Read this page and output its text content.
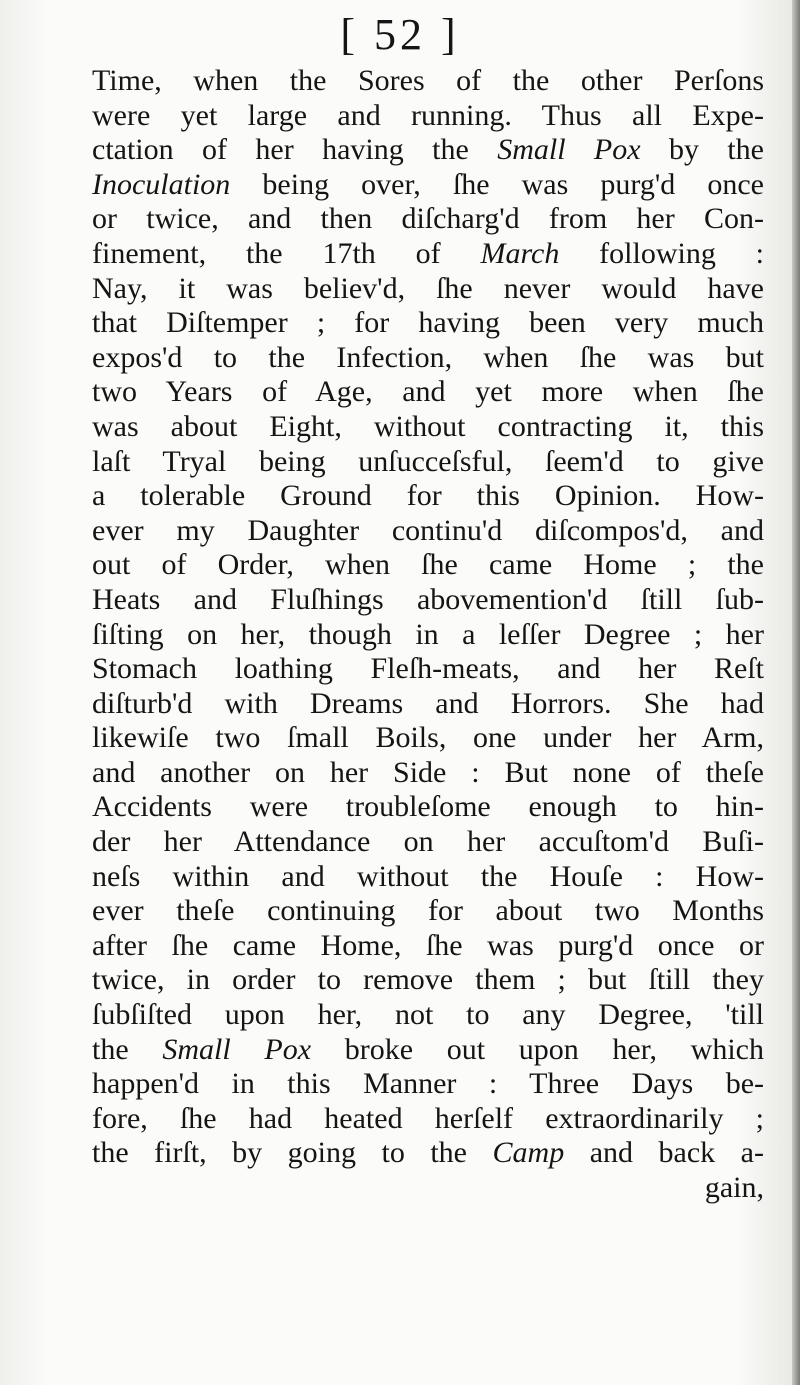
[ 52 ]
Time, when the Sores of the other Perſons
were yet large and running. Thus all Expe-
ctation of her having the Small Pox by the
Inoculation being over, ſhe was purg'd once
or twice, and then diſcharg'd from her Con-
finement, the 17th of March following :
Nay, it was believ'd, ſhe never would have
that Diſtemper ; for having been very much
expos'd to the Infection, when ſhe was but
two Years of Age, and yet more when ſhe
was about Eight, without contracting it, this
laſt Tryal being unſucceſsful, ſeem'd to give
a tolerable Ground for this Opinion. How-
ever my Daughter continu'd diſcompos'd, and
out of Order, when ſhe came Home ; the
Heats and Fluſhings abovemention'd ſtill ſub-
ſiſting on her, though in a leſſer Degree ; her
Stomach loathing Fleſh-meats, and her Reſt
diſturb'd with Dreams and Horrors. She had
likewiſe two ſmall Boils, one under her Arm,
and another on her Side : But none of theſe
Accidents were troubleſome enough to hin-
der her Attendance on her accuſtom'd Buſi-
neſs within and without the Houſe : How-
ever theſe continuing for about two Months
after ſhe came Home, ſhe was purg'd once or
twice, in order to remove them ; but ſtill they
ſubſiſted upon her, not to any Degree, 'till
the Small Pox broke out upon her, which
happen'd in this Manner : Three Days be-
fore, ſhe had heated herſelf extraordinarily ;
the firſt, by going to the Camp and back a-
gain,
